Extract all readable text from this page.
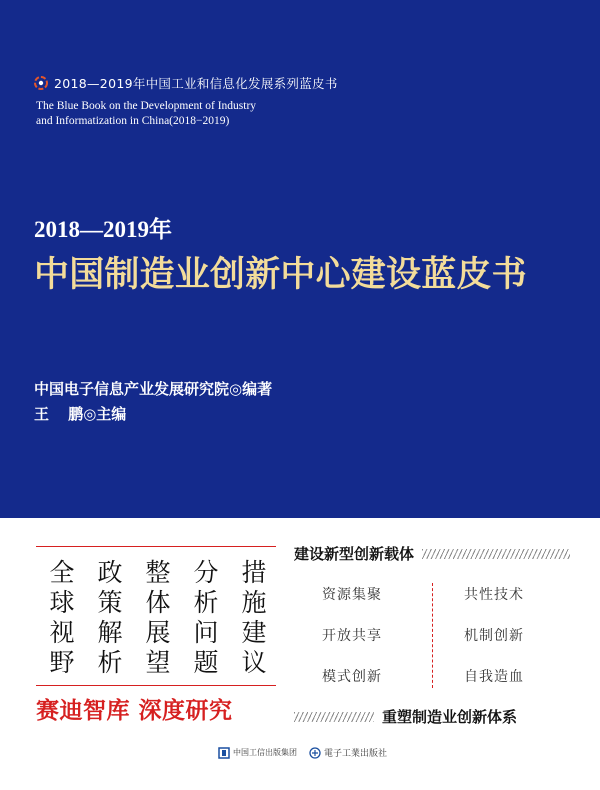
2018—2019年中国工业和信息化发展系列蓝皮书
The Blue Book on the Development of Industry
and Informatization in China(2018−2019)
2018—2019年
中国制造业创新中心建设蓝皮书
中国电子信息产业发展研究院◎编著
王 鹏◎主编
全 政 整 分 措
球 策 体 析 施
视 解 展 问 建
野 析 望 题 议
赛迪智库 深度研究
建设新型创新载体
资源集聚
开放共享
模式创新
共性技术
机制创新
自我造血
重塑制造业创新体系
中国工信出版集团	電子工業出版社
